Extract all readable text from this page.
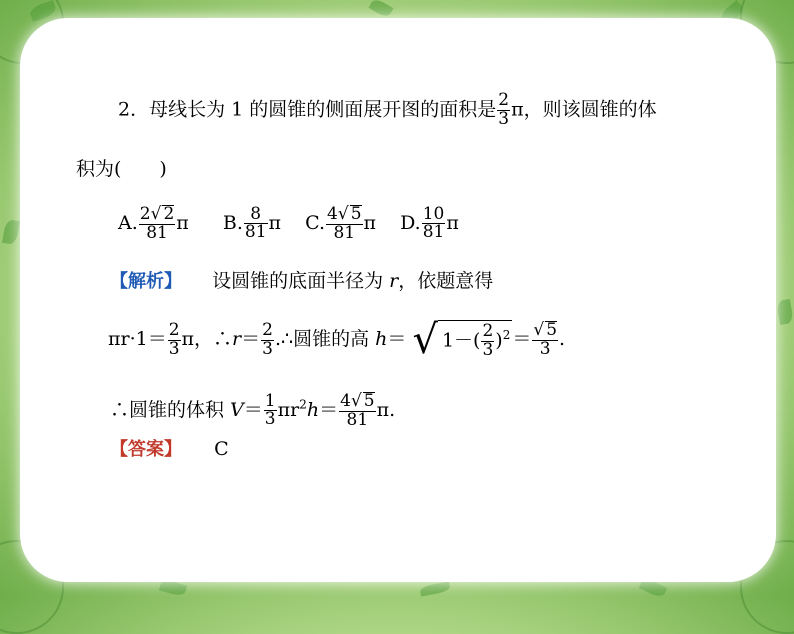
2．母线长为 1 的圆锥的侧面展开图的面积是 $\frac{2}{3}$ π，则该圆锥的体
积为(　　)
A. $\frac{2√ 2}{81}$ π B. $\frac{8}{81}$ π C. $\frac{4√ 5}{81}$ π D. $\frac{10}{81}$ π
【解析】 设圆锥的底面半径为 r，依题意得
$\pi r\cdot 1= \frac{2}{3}$ π，∴r＝ $\frac{2}{3}$ .∴圆锥的高 h＝ √ $1-( \frac{2}{3} )^2 = \frac{√ 5}{3}$ .
∴圆锥的体积 $V= \frac{1}{3} \pi r^2h= \frac{4√ 5}{81} \pi$.
【答案】 C
